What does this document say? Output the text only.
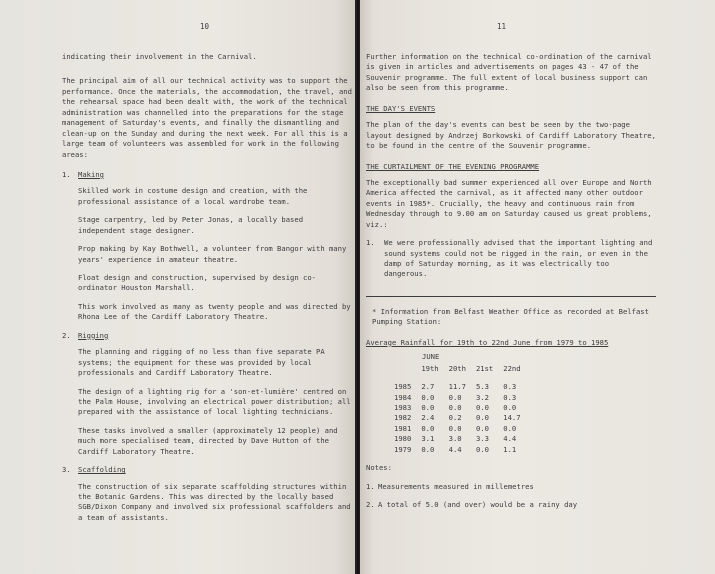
10

indicating their involvement in the Carnival.

The principal aim of all our technical activity was to support the performance. Once the materials, the accommodation, the travel, and the rehearsal space had been dealt with, the work of the technical administration was channelled into the preparations for the stage management of Saturday's events, and finally the dismantling and clean-up on the Sunday and during the next week. For all this is a large team of volunteers was assembled for work in the following areas:

1. Making

Skilled work in costume design and creation, with the professional assistance of a local wardrobe team.

Stage carpentry, led by Peter Jonas, a locally based independent stage designer.

Prop making by Kay Bothwell, a volunteer from Bangor with many years' experience in amateur theatre.

Float design and construction, supervised by design co-ordinator Houston Marshall.

This work involved as many as twenty people and was directed by Rhona Lee of the Cardiff Laboratory Theatre.

2. Rigging

The planning and rigging of no less than five separate PA systems; the equipment for these was provided by local professionals and Cardiff Laboratory Theatre.

The design of a lighting rig for a 'son-et-lumière' centred on the Palm House, involving an electrical power distribution; all prepared with the assistance of local lighting technicians.

These tasks involved a smaller (approximately 12 people) and much more specialised team, directed by Dave Hutton of the Cardiff Laboratory Theatre.

3. Scaffolding

The construction of six separate scaffolding structures within the Botanic Gardens. This was directed by the locally based SGB/Dixon Company and involved six professional scaffolders and a team of assistants.

11

Further information on the technical co-ordination of the carnival is given in articles and advertisements on pages 43 - 47 of the Souvenir programme. The full extent of local business support can also be seen from this programme.

THE DAY'S EVENTS

The plan of the day's events can best be seen by the two-page layout designed by Andrzej Borkowski of Cardiff Laboratory Theatre, to be found in the centre of the Souvenir programme.

THE CURTAILMENT OF THE EVENING PROGRAMME

The exceptionally bad summer experienced all over Europe and North America affected the carnival, as it affected many other outdoor events in 1985*. Crucially, the heavy and continuous rain from Wednesday through to 9.00 am on Saturday caused us great problems, viz.:

1.	We were professionally advised that the important lighting and sound systems could not be rigged in the rain, or even in the damp of Saturday morning, as it was electrically too dangerous.

* Information from Belfast Weather Office as recorded at Belfast Pumping Station:

Average Rainfall for 19th to 22nd June from 1979 to 1985

JUNE
	19th	20th	21st	22nd
1985	2.7	11.7	5.3	0.3
1984	0.0	0.0	3.2	0.3
1983	0.0	0.0	0.0	0.0
1982	2.4	0.2	0.0	14.7
1981	0.0	0.0	0.0	0.0
1980	3.1	3.0	3.3	4.4
1979	0.0	4.4	0.0	1.1

Notes:

1. Measurements measured in millemetres
2. A total of 5.0 (and over) would be a rainy day
